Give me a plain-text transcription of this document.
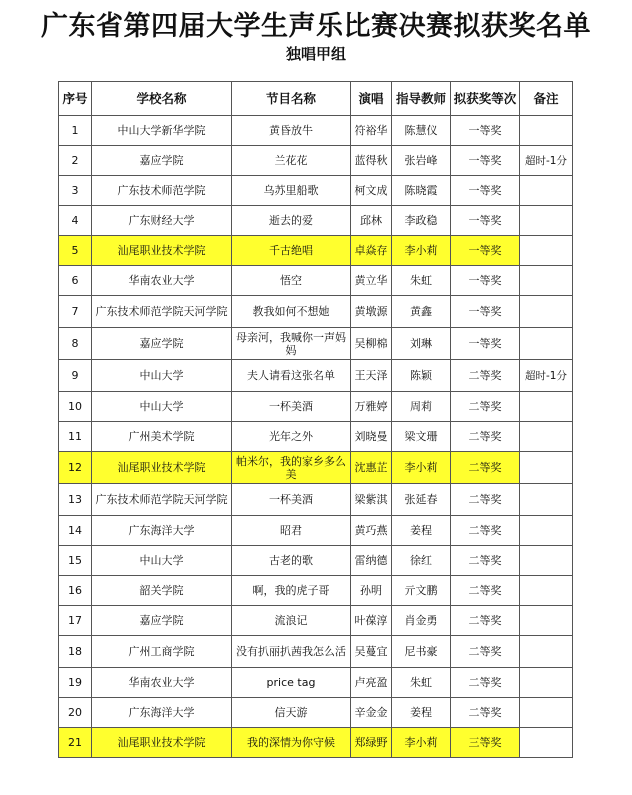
广东省第四届大学生声乐比赛决赛拟获奖名单
独唱甲组
序号	学校名称	节目名称	演唱	指导教师	拟获奖等次	备注
1	中山大学新华学院	黄昏放牛	符裕华	陈慧仪	一等奖	
2	嘉应学院	兰花花	蓝得秋	张岩峰	一等奖	超时-1分
3	广东技术师范学院	乌苏里船歌	柯文成	陈晓霞	一等奖	
4	广东财经大学	逝去的爱	邱林	李政稳	一等奖	
5	汕尾职业技术学院	千古绝唱	卓焱存	李小莉	一等奖	
6	华南农业大学	悟空	黄立华	朱虹	一等奖	
7	广东技术师范学院天河学院	教我如何不想她	黄墩源	黄鑫	一等奖	
8	嘉应学院	母亲河，我喊你一声妈妈	吴柳棉	刘琳	一等奖	
9	中山大学	夫人请看这张名单	王天泽	陈颖	二等奖	超时-1分
10	中山大学	一杯美酒	万雅婷	周莉	二等奖	
11	广州美术学院	光年之外	刘晓曼	梁文珊	二等奖	
12	汕尾职业技术学院	帕米尔，我的家乡多么美	沈惠芷	李小莉	二等奖	
13	广东技术师范学院天河学院	一杯美酒	梁紫淇	张延春	二等奖	
14	广东海洋大学	昭君	黄巧燕	姜程	二等奖	
15	中山大学	古老的歌	雷纳德	徐红	二等奖	
16	韶关学院	啊，我的虎子哥	孙明	亓文鹏	二等奖	
17	嘉应学院	流浪记	叶葆淳	肖金勇	二等奖	
18	广州工商学院	没有扒丽扒茜我怎么活	吴蔓宜	尼书豪	二等奖	
19	华南农业大学	price tag	卢亮盈	朱虹	二等奖	
20	广东海洋大学	信天游	辛金金	姜程	二等奖	
21	汕尾职业技术学院	我的深情为你守候	郑绿野	李小莉	三等奖	
